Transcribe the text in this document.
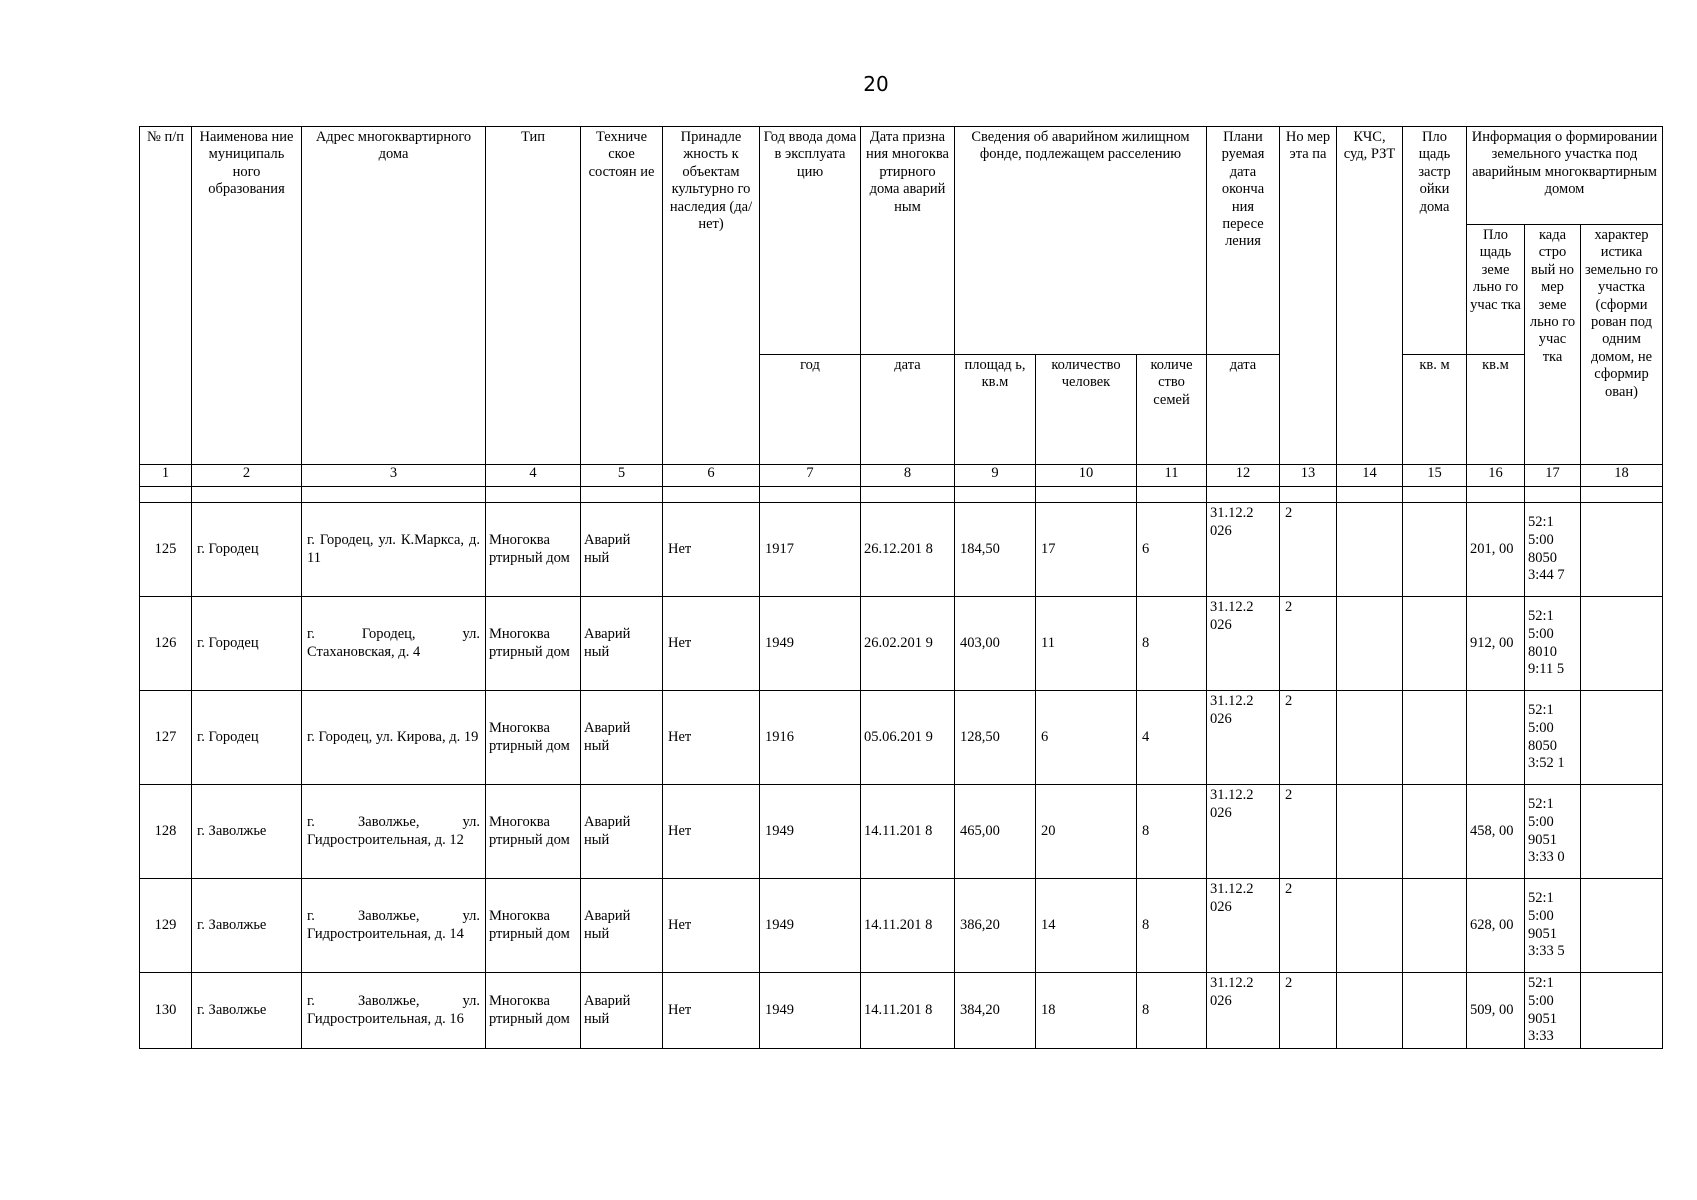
20
№ п/п	Наименова ние муниципаль ного образования	Адрес многоквартирного дома	Тип	Техниче ское состоян ие	Принадле жность к объектам культурно го наследия (да/нет)	Год ввода дома в эксплуата цию	Дата призна ния многоква ртирного дома аварий ным	Сведения об аварийном жилищном фонде, подлежащем расселению			Плани руемая дата оконча ния пересе ления	Но мер эта па	КЧС, суд, РЗТ	Пло щадь застр ойки дома	Информация о формировании земельного участка под аварийным многоквартирным домом		
															Пло щадь земе льно го учас тка	када стро вый но мер земе льно го учас тка	характер истика земельно го участка (сформи рован под одним домом, не сформир ован)
						год	дата	площад ь, кв.м	количество человек	количе ство семей	дата			кв. м	кв.м		
1	2	3	4	5	6	7	8	9	10	11	12	13	14	15	16	17	18

125	г. Городец	г. Городец, ул. К.Маркса, д. 11	Многоква ртирный дом	Аварий ный	Нет	1917	26.12.201 8	184,50	17	6	31.12.2 026	2			201, 00	52:1 5:00 8050 3:44 7	
126	г. Городец	г. Городец, ул. Стахановская, д. 4	Многоква ртирный дом	Аварий ный	Нет	1949	26.02.201 9	403,00	11	8	31.12.2 026	2			912, 00	52:1 5:00 8010 9:11 5	
127	г. Городец	г. Городец, ул. Кирова, д. 19	Многоква ртирный дом	Аварий ный	Нет	1916	05.06.201 9	128,50	6	4	31.12.2 026	2				52:1 5:00 8050 3:52 1	
128	г. Заволжье	г. Заволжье, ул. Гидростроительная, д. 12	Многоква ртирный дом	Аварий ный	Нет	1949	14.11.201 8	465,00	20	8	31.12.2 026	2			458, 00	52:1 5:00 9051 3:33 0	
129	г. Заволжье	г. Заволжье, ул. Гидростроительная, д. 14	Многоква ртирный дом	Аварий ный	Нет	1949	14.11.201 8	386,20	14	8	31.12.2 026	2			628, 00	52:1 5:00 9051 3:33 5	
130	г. Заволжье	г. Заволжье, ул. Гидростроительная, д. 16	Многоква ртирный дом	Аварий ный	Нет	1949	14.11.201 8	384,20	18	8	31.12.2 026	2			509, 00	52:1 5:00 9051 3:33	
